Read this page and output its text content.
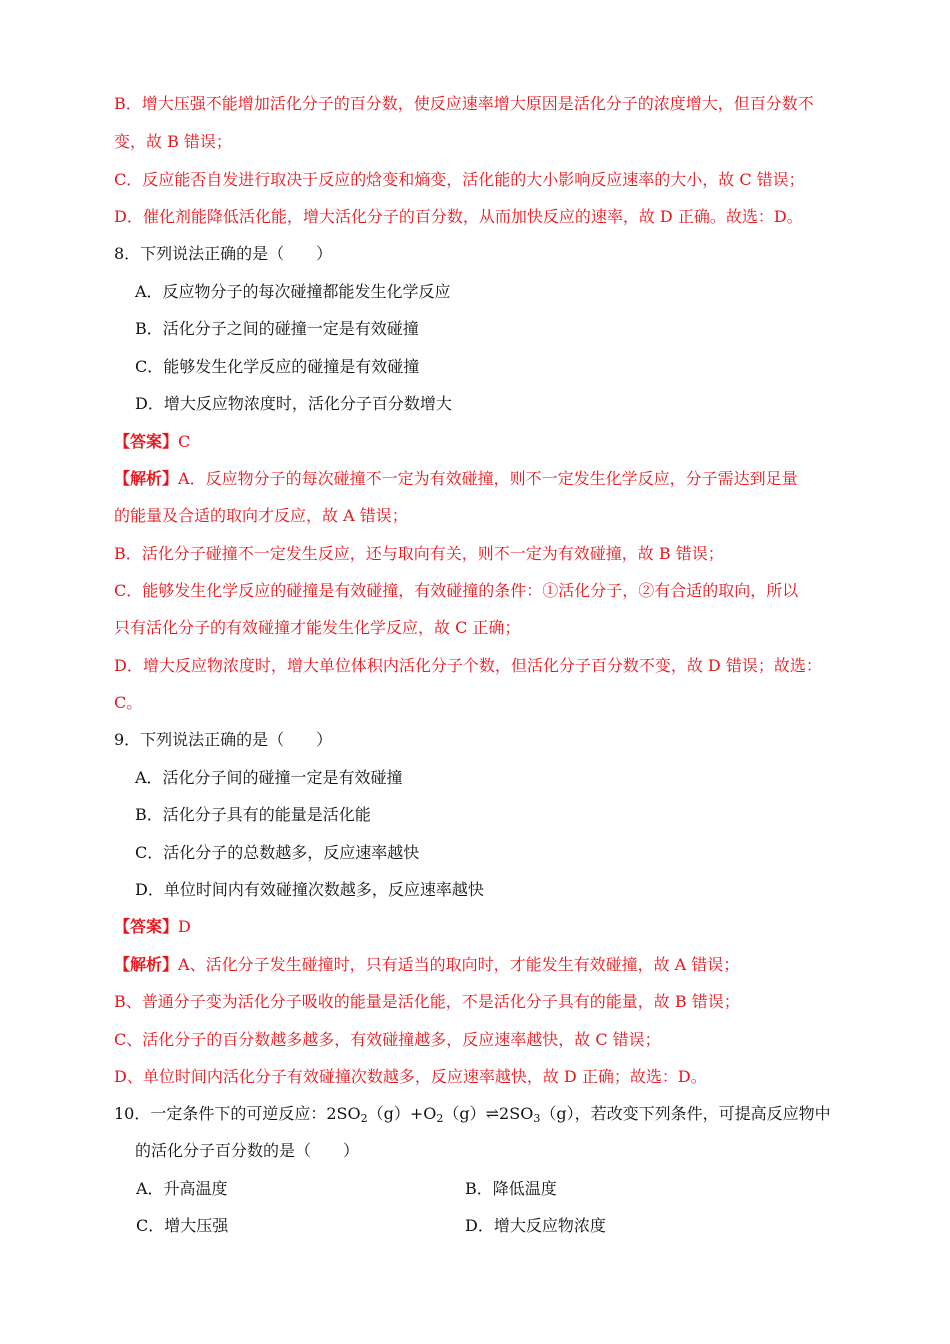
B．增大压强不能增加活化分子的百分数，使反应速率增大原因是活化分子的浓度增大，但百分数不
变，故 B 错误；
C．反应能否自发进行取决于反应的焓变和熵变，活化能的大小影响反应速率的大小，故 C 错误；
D．催化剂能降低活化能，增大活化分子的百分数，从而加快反应的速率，故 D 正确。故选：D。
8．下列说法正确的是（　　）
A．反应物分子的每次碰撞都能发生化学反应
B．活化分子之间的碰撞一定是有效碰撞
C．能够发生化学反应的碰撞是有效碰撞
D．增大反应物浓度时，活化分子百分数增大
【答案】C
【解析】A．反应物分子的每次碰撞不一定为有效碰撞，则不一定发生化学反应，分子需达到足量
的能量及合适的取向才反应，故 A 错误；
B．活化分子碰撞不一定发生反应，还与取向有关，则不一定为有效碰撞，故 B 错误；
C．能够发生化学反应的碰撞是有效碰撞，有效碰撞的条件：①活化分子，②有合适的取向，所以
只有活化分子的有效碰撞才能发生化学反应，故 C 正确；
D．增大反应物浓度时，增大单位体积内活化分子个数，但活化分子百分数不变，故 D 错误；故选：
C。
9．下列说法正确的是（　　）
A．活化分子间的碰撞一定是有效碰撞
B．活化分子具有的能量是活化能
C．活化分子的总数越多，反应速率越快
D．单位时间内有效碰撞次数越多，反应速率越快
【答案】D
【解析】A、活化分子发生碰撞时，只有适当的取向时，才能发生有效碰撞，故 A 错误；
B、普通分子变为活化分子吸收的能量是活化能，不是活化分子具有的能量，故 B 错误；
C、活化分子的百分数越多越多，有效碰撞越多，反应速率越快，故 C 错误；
D、单位时间内活化分子有效碰撞次数越多，反应速率越快，故 D 正确；故选：D。
10．一定条件下的可逆反应：$2SO_2(g)+O_2(g)\rightleftharpoons 2SO_3(g)$，若改变下列条件，可提高反应物中
的活化分子百分数的是（　　）
A．升高温度	B．降低温度
C．增大压强	D．增大反应物浓度
